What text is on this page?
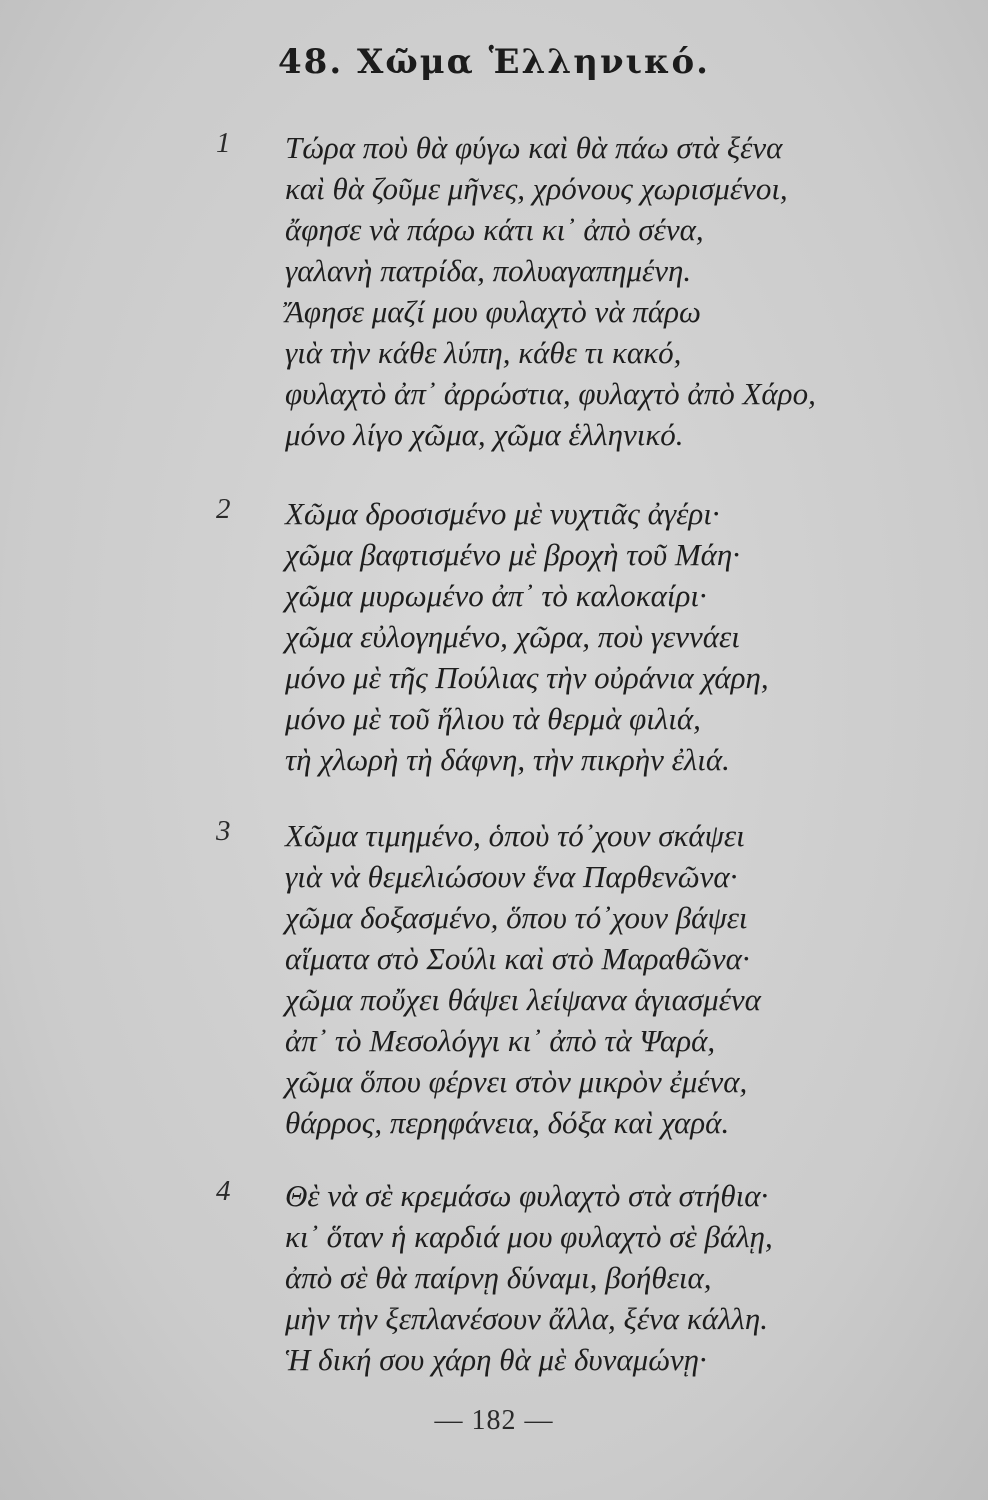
48. Χῶμα Ἑλληνικό.
1 Τώρα ποὺ θὰ φύγω καὶ θὰ πάω στὰ ξένα
καὶ θὰ ζοῦμε μῆνες, χρόνους χωρισμένοι,
ἄφησε νὰ πάρω κάτι κι᾿ ἀπὸ σένα,
γαλανὴ πατρίδα, πολυαγαπημένη.
Ἄφησε μαζί μου φυλαχτὸ νὰ πάρω
γιὰ τὴν κάθε λύπη, κάθε τι κακό,
φυλαχτὸ ἀπ᾿ ἀρρώστια, φυλαχτὸ ἀπὸ Χάρο,
μόνο λίγο χῶμα, χῶμα ἑλληνικό.
2 Χῶμα δροσισμένο μὲ νυχτιᾶς ἀγέρι·
χῶμα βαφτισμένο μὲ βροχὴ τοῦ Μάη·
χῶμα μυρωμένο ἀπ᾿ τὸ καλοκαίρι·
χῶμα εὐλογημένο, χῶρα, ποὺ γεννάει
μόνο μὲ τῆς Πούλιας τὴν οὐράνια χάρη,
μόνο μὲ τοῦ ἥλιου τὰ θερμὰ φιλιά,
τὴ χλωρὴ τὴ δάφνη, τὴν πικρὴν ἐλιά.
3 Χῶμα τιμημένο, ὁποὺ τό᾿χουν σκάψει
γιὰ νὰ θεμελιώσουν ἕνα Παρθενῶνα·
χῶμα δοξασμένο, ὅπου τό᾿χουν βάψει
αἵματα στὸ Σούλι καὶ στὸ Μαραθῶνα·
χῶμα ποὔχει θάψει λείψανα ἁγιασμένα
ἀπ᾿ τὸ Μεσολόγγι κι᾿ ἀπὸ τὰ Ψαρά,
χῶμα ὅπου φέρνει στὸν μικρὸν ἐμένα,
θάρρος, περηφάνεια, δόξα καὶ χαρά.
4 Θὲ νὰ σὲ κρεμάσω φυλαχτὸ στὰ στήθια·
κι᾿ ὅταν ἡ καρδιά μου φυλαχτὸ σὲ βάλῃ,
ἀπὸ σὲ θὰ παίρνῃ δύναμι, βοήθεια,
μὴν τὴν ξεπλανέσουν ἄλλα, ξένα κάλλη.
Ἡ δική σου χάρη θὰ μὲ δυναμώνῃ·
— 182 —
